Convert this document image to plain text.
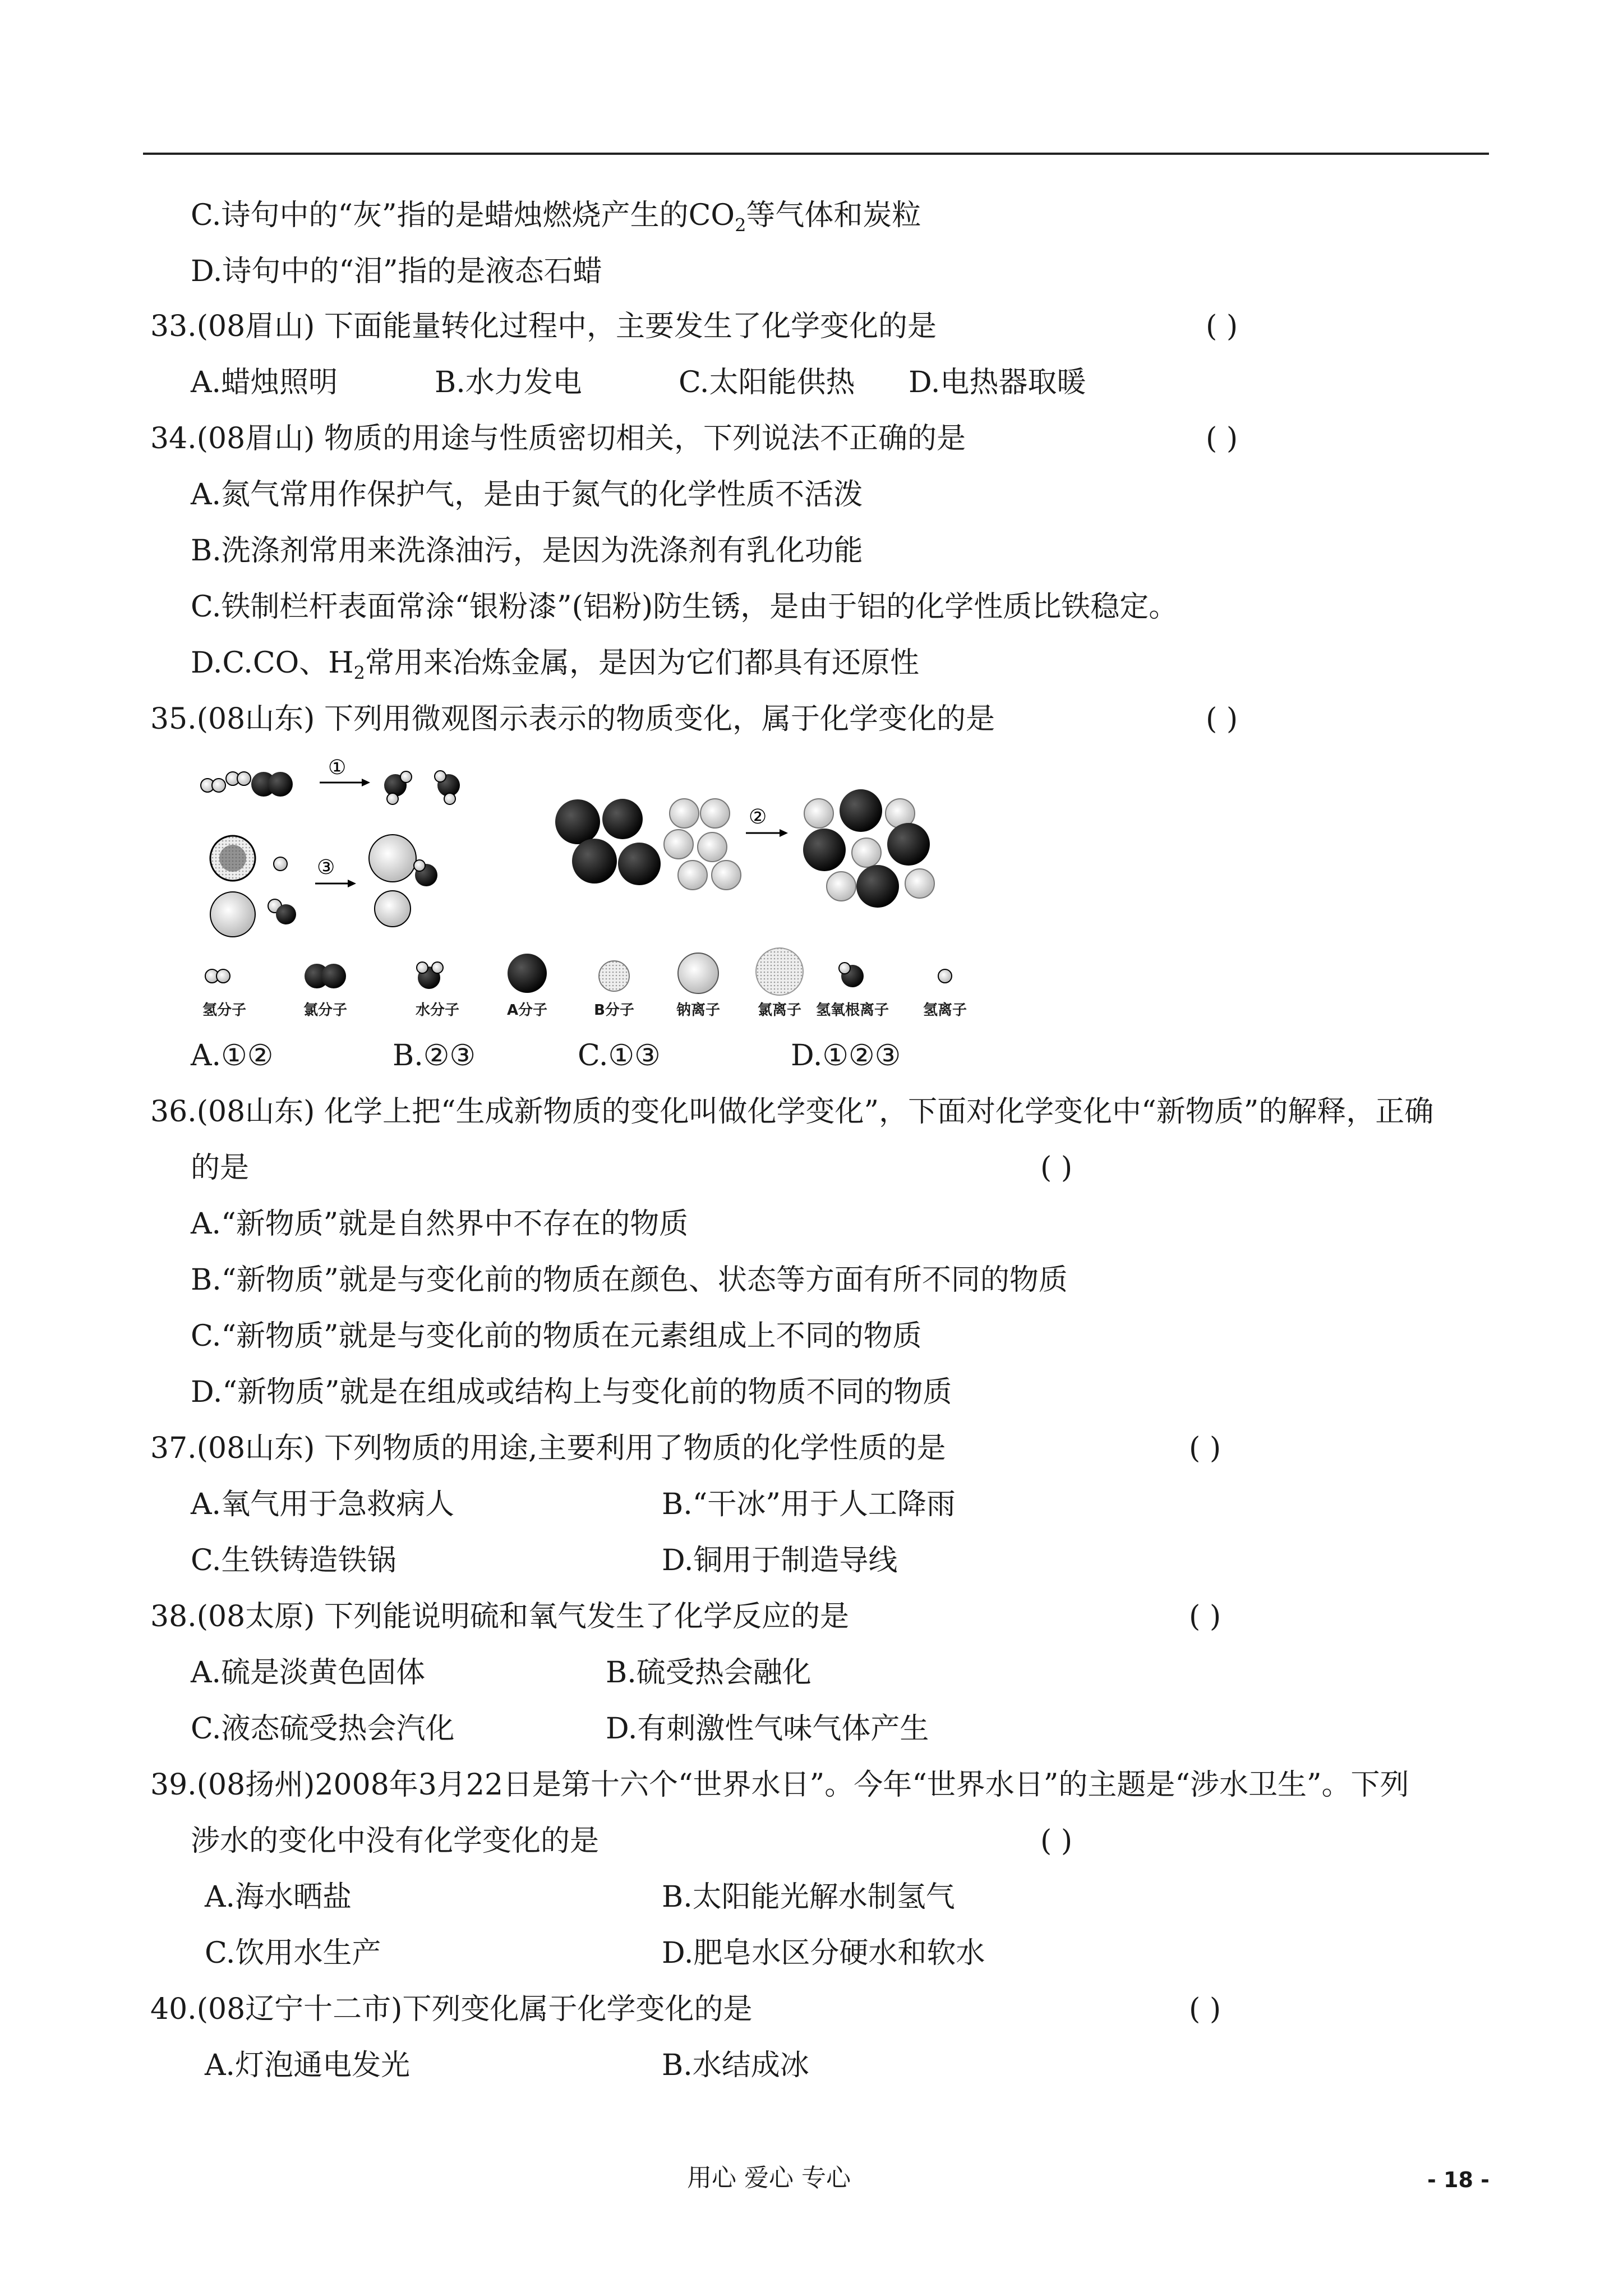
C.诗句中的“灰”指的是蜡烛燃烧产生的$CO_2$等气体和炭粒
D.诗句中的“泪”指的是液态石蜡
33.(08眉山) 下面能量转化过程中，主要发生了化学变化的是	( )
A.蜡烛照明	B.水力发电	C.太阳能供热 D.电热器取暖
34.(08眉山) 物质的用途与性质密切相关，下列说法不正确的是	( )
A.氮气常用作保护气，是由于氮气的化学性质不活泼
B.洗涤剂常用来洗涤油污，是因为洗涤剂有乳化功能
C.铁制栏杆表面常涂“银粉漆”(铝粉)防生锈，是由于铝的化学性质比铁稳定。
D.C.CO、$H_2$常用来冶炼金属，是因为它们都具有还原性
35.(08山东) 下列用微观图示表示的物质变化，属于化学变化的是	( )
①
③
②
氢分子	氯分子	水分子	A分子	B分子	钠离子	氯离子 氢氧根离子	氢离子
A.①②	B.②③	C.①③	D.①②③
36.(08山东) 化学上把“生成新物质的变化叫做化学变化”，下面对化学变化中“新物质”的解释，正确
的是	( )
A.“新物质”就是自然界中不存在的物质
B.“新物质”就是与变化前的物质在颜色、状态等方面有所不同的物质
C.“新物质”就是与变化前的物质在元素组成上不同的物质
D.“新物质”就是在组成或结构上与变化前的物质不同的物质
37.(08山东) 下列物质的用途,主要利用了物质的化学性质的是	( )
A.氧气用于急救病人	B.“干冰”用于人工降雨
C.生铁铸造铁锅	D.铜用于制造导线
38.(08太原) 下列能说明硫和氧气发生了化学反应的是	( )
A.硫是淡黄色固体	B.硫受热会融化
C.液态硫受热会汽化	D.有刺激性气味气体产生
39.(08扬州)2008年3月22日是第十六个“世界水日”。今年“世界水日”的主题是“涉水卫生”。下列
涉水的变化中没有化学变化的是	( )
A.海水晒盐	B.太阳能光解水制氢气
C.饮用水生产	D.肥皂水区分硬水和软水
40.(08辽宁十二市)下列变化属于化学变化的是	( )
A.灯泡通电发光	B.水结成冰
用心 爱心 专心	- 18 -
